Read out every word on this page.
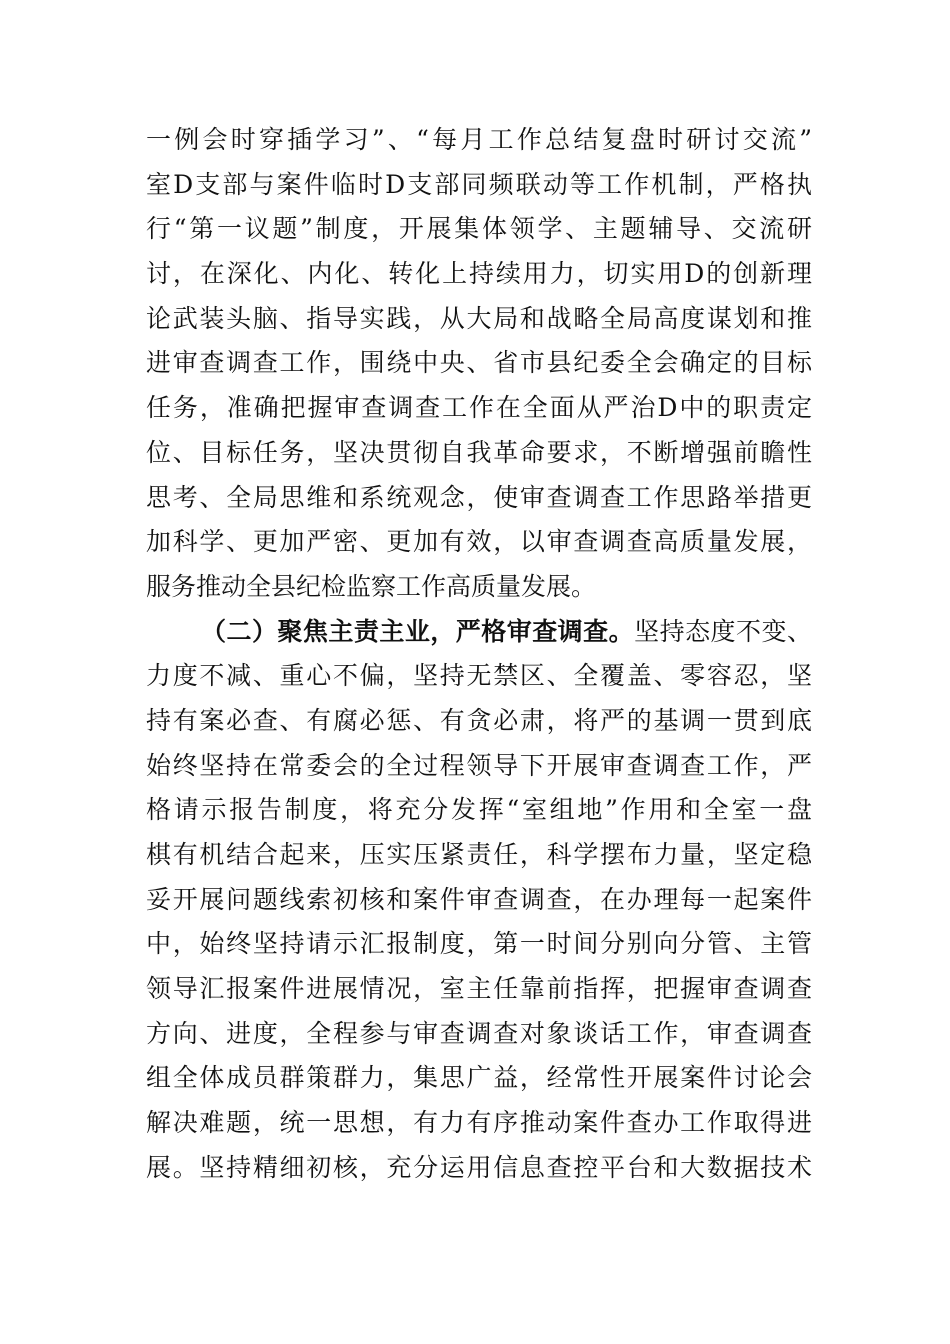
一例会时穿插学习”、“每月工作总结复盘时研讨交流”
室D支部与案件临时D支部同频联动等工作机制，严格执
行“第一议题”制度，开展集体领学、主题辅导、交流研
讨，在深化、内化、转化上持续用力，切实用D的创新理
论武装头脑、指导实践，从大局和战略全局高度谋划和推
进审查调查工作，围绕中央、省市县纪委全会确定的目标
任务，准确把握审查调查工作在全面从严治D中的职责定
位、目标任务，坚决贯彻自我革命要求，不断增强前瞻性
思考、全局思维和系统观念，使审查调查工作思路举措更
加科学、更加严密、更加有效，以审查调查高质量发展，
服务推动全县纪检监察工作高质量发展。
（二）聚焦主责主业，严格审查调查。坚持态度不变、
力度不减、重心不偏，坚持无禁区、全覆盖、零容忍，坚
持有案必查、有腐必惩、有贪必肃，将严的基调一贯到底
始终坚持在常委会的全过程领导下开展审查调查工作，严
格请示报告制度，将充分发挥“室组地”作用和全室一盘
棋有机结合起来，压实压紧责任，科学摆布力量，坚定稳
妥开展问题线索初核和案件审查调查，在办理每一起案件
中，始终坚持请示汇报制度，第一时间分别向分管、主管
领导汇报案件进展情况，室主任靠前指挥，把握审查调查
方向、进度，全程参与审查调查对象谈话工作，审查调查
组全体成员群策群力，集思广益，经常性开展案件讨论会
解决难题，统一思想，有力有序推动案件查办工作取得进
展。坚持精细初核，充分运用信息查控平台和大数据技术
